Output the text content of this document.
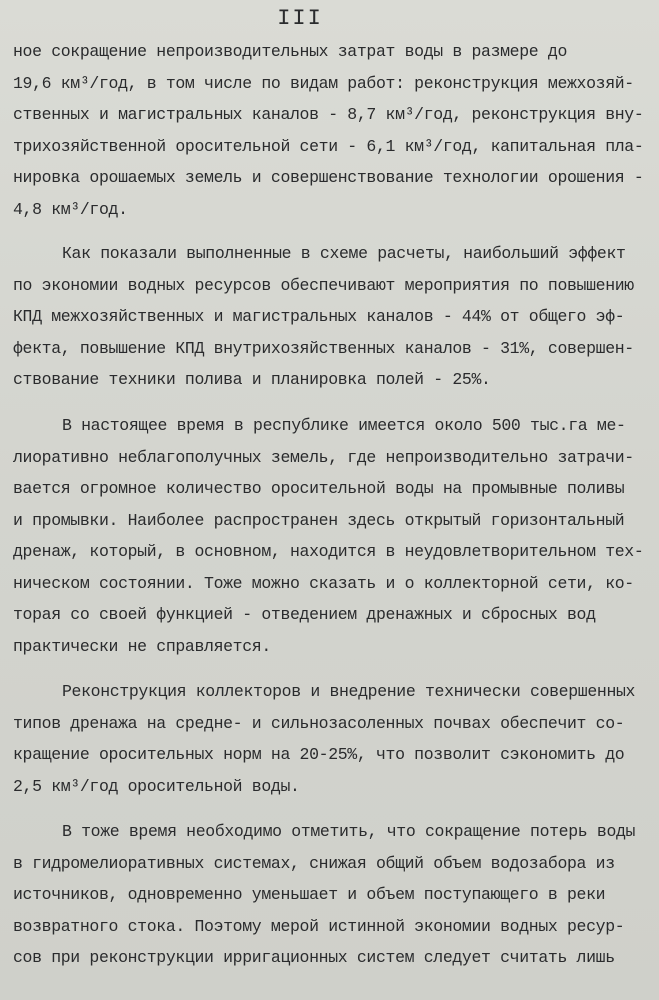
III
ное сокращение непроизводительных затрат воды в размере до
19,6 км³/год, в том числе по видам работ: реконструкция межхозяй-
ственных и магистральных каналов - 8,7 км³/год, реконструкция вну-
трихозяйственной оросительной сети - 6,1 км³/год, капитальная пла-
нировка орошаемых земель и совершенствование технологии орошения -
4,8 км³/год.
Как показали выполненные в схеме расчеты, наибольший эффект
по экономии водных ресурсов обеспечивают мероприятия по повышению
КПД межхозяйственных и магистральных каналов - 44% от общего эф-
фекта, повышение КПД внутрихозяйственных каналов - 31%, совершен-
ствование техники полива и планировка полей - 25%.
В настоящее время в республике имеется около 500 тыс.га ме-
лиоративно неблагополучных земель, где непроизводительно затрачи-
вается огромное количество оросительной воды на промывные поливы
и промывки. Наиболее распространен здесь открытый горизонтальный
дренаж, который, в основном, находится в неудовлетворительном тех-
ническом состоянии. Тоже можно сказать и о коллекторной сети, ко-
торая со своей функцией - отведением дренажных и сбросных вод
практически не справляется.
Реконструкция коллекторов и внедрение технически совершенных
типов дренажа на средне- и сильнозасоленных почвах обеспечит со-
кращение оросительных норм на 20-25%, что позволит сэкономить до
2,5 км³/год оросительной воды.
В тоже время необходимо отметить, что сокращение потерь воды
в гидромелиоративных системах, снижая общий объем водозабора из
источников, одновременно уменьшает и объем поступающего в реки
возвратного стока. Поэтому мерой истинной экономии водных ресур-
сов при реконструкции ирригационных систем следует считать лишь
